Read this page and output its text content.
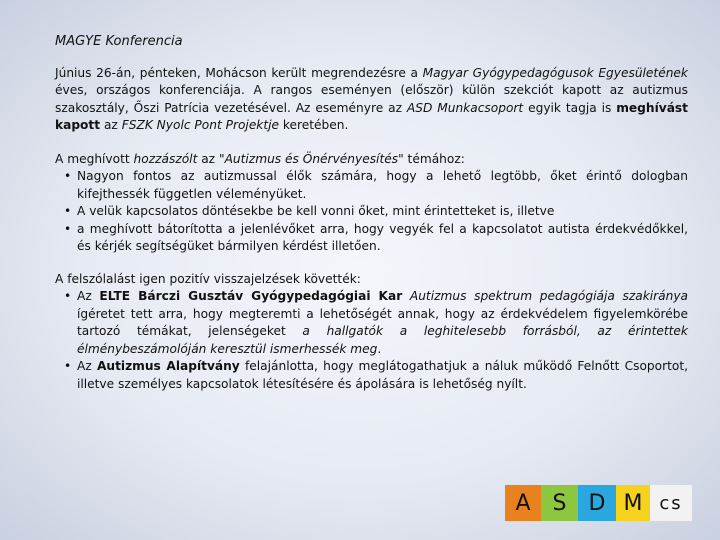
MAGYE Konferencia

Június 26-án, pénteken, Mohácson került megrendezésre a Magyar Gyógypedagógusok Egyesületének éves, országos konferenciája. A rangos eseményen (először) külön szekciót kapott az autizmus szakosztály, Őszi Patrícia vezetésével. Az eseményre az ASD Munkacsoport egyik tagja is meghívást kapott az FSZK Nyolc Pont Projektje keretében.

A meghívott hozzászólt az "Autizmus és Önérvényesítés" témához:

• Nagyon fontos az autizmussal élők számára, hogy a lehető legtöbb, őket érintő dologban kifejthessék független véleményüket.
• A velük kapcsolatos döntésekbe be kell vonni őket, mint érintetteket is, illetve
• a meghívott bátorította a jelenlévőket arra, hogy vegyék fel a kapcsolatot autista érdekvédőkkel, és kérjék segítségüket bármilyen kérdést illetően.

A felszólalást igen pozitív visszajelzések követték:

• Az ELTE Bárczi Gusztáv Gyógypedagógiai Kar Autizmus spektrum pedagógiája szakiránya ígéretet tett arra, hogy megteremti a lehetőségét annak, hogy az érdekvédelem figyelemkörébe tartozó témákat, jelenségeket a hallgatók a leghitelesebb forrásból, az érintettek élménybeszámolóján keresztül ismerhessék meg.
• Az Autizmus Alapítvány felajánlotta, hogy meglátogathatjuk a náluk működő Felnőtt Csoportot, illetve személyes kapcsolatok létesítésére és ápolására is lehetőség nyílt.
A S	D M cs
